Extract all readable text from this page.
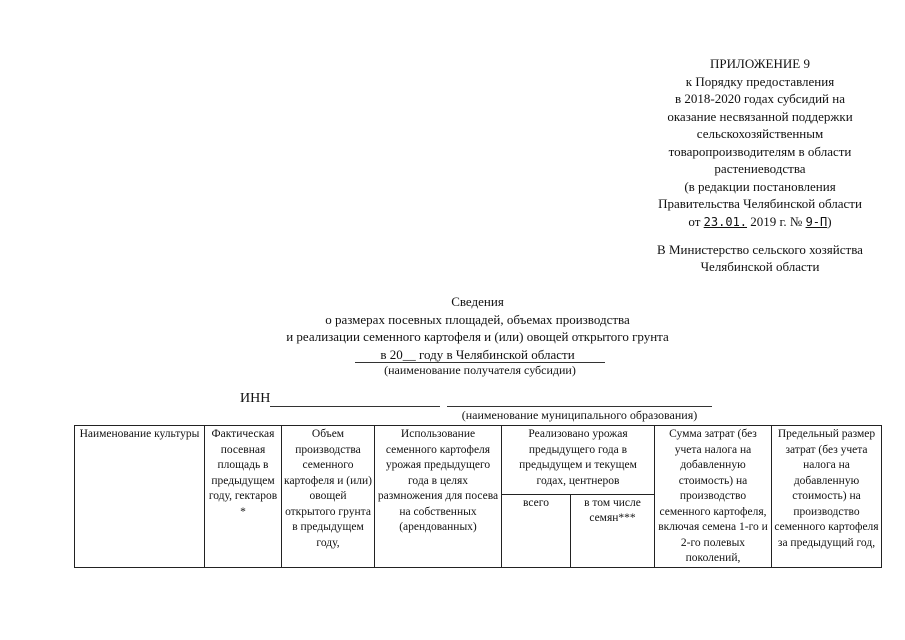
ПРИЛОЖЕНИЕ 9
к Порядку предоставления
в 2018-2020 годах субсидий на
оказание несвязанной поддержки
сельскохозяйственным
товаропроизводителям в области
растениеводства
(в редакции постановления
Правительства Челябинской области
от 23.01. 2019 г. № 9-П)
В Министерство сельского хозяйства
Челябинской области
Сведения
о размерах посевных площадей, объемах производства
и реализации семенного картофеля и (или) овощей открытого грунта
в 20__ году в Челябинской области
(наименование получателя субсидии)
ИНН
(наименование муниципального образования)
Наименование культуры	Фактическая посевная площадь в предыдущем году, гектаров *	Объем производства семенного картофеля и (или) овощей открытого грунта в предыдущем году,	Использование семенного картофеля урожая предыдущего года в целях размножения для посева на собственных (арендованных)	Реализовано урожая предыдущего года в предыдущем и текущем годах, центнеров		Сумма затрат (без учета налога на добавленную стоимость) на производство семенного картофеля, включая семена 1-го и 2-го полевых поколений,	Предельный размер затрат (без учета налога на добавленную стоимость) на производство семенного картофеля за предыдущий год,
				всего	в том числе семян***		
